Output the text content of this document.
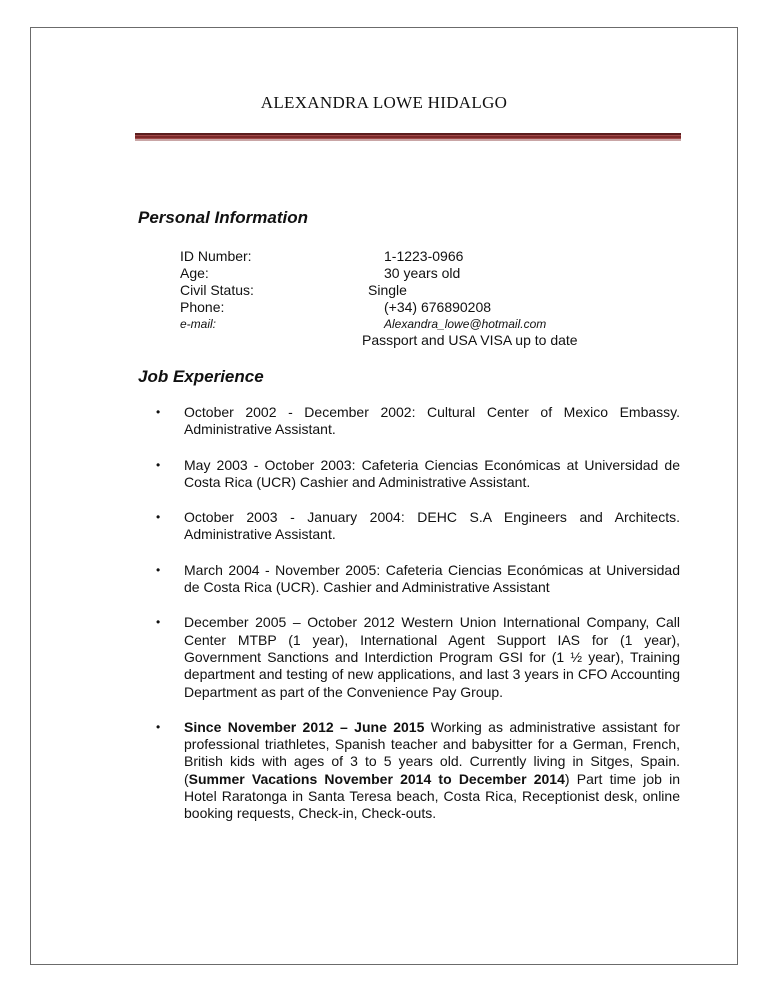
ALEXANDRA LOWE HIDALGO
Personal Information
ID Number:	1-1223-0966
Age:	30 years old
Civil Status:	Single
Phone:	(+34) 676890208
e-mail:	Alexandra_lowe@hotmail.com
Passport and USA VISA up to date
Job Experience
• October 2002 - December 2002: Cultural Center of Mexico Embassy. Administrative Assistant.
• May 2003 - October 2003: Cafeteria Ciencias Económicas at Universidad de Costa Rica (UCR) Cashier and Administrative Assistant.
• October 2003 - January 2004: DEHC S.A Engineers and Architects. Administrative Assistant.
• March 2004 - November 2005: Cafeteria Ciencias Económicas at Universidad de Costa Rica (UCR). Cashier and Administrative Assistant
• December 2005 – October 2012 Western Union International Company, Call Center MTBP (1 year), International Agent Support IAS for (1 year), Government Sanctions and Interdiction Program GSI for (1 ½ year), Training department and testing of new applications, and last 3 years in CFO Accounting Department as part of the Convenience Pay Group.
• Since November 2012 – June 2015 Working as administrative assistant for professional triathletes, Spanish teacher and babysitter for a German, French, British kids with ages of 3 to 5 years old. Currently living in Sitges, Spain. (Summer Vacations November 2014 to December 2014) Part time job in Hotel Raratonga in Santa Teresa beach, Costa Rica, Receptionist desk, online booking requests, Check-in, Check-outs.
